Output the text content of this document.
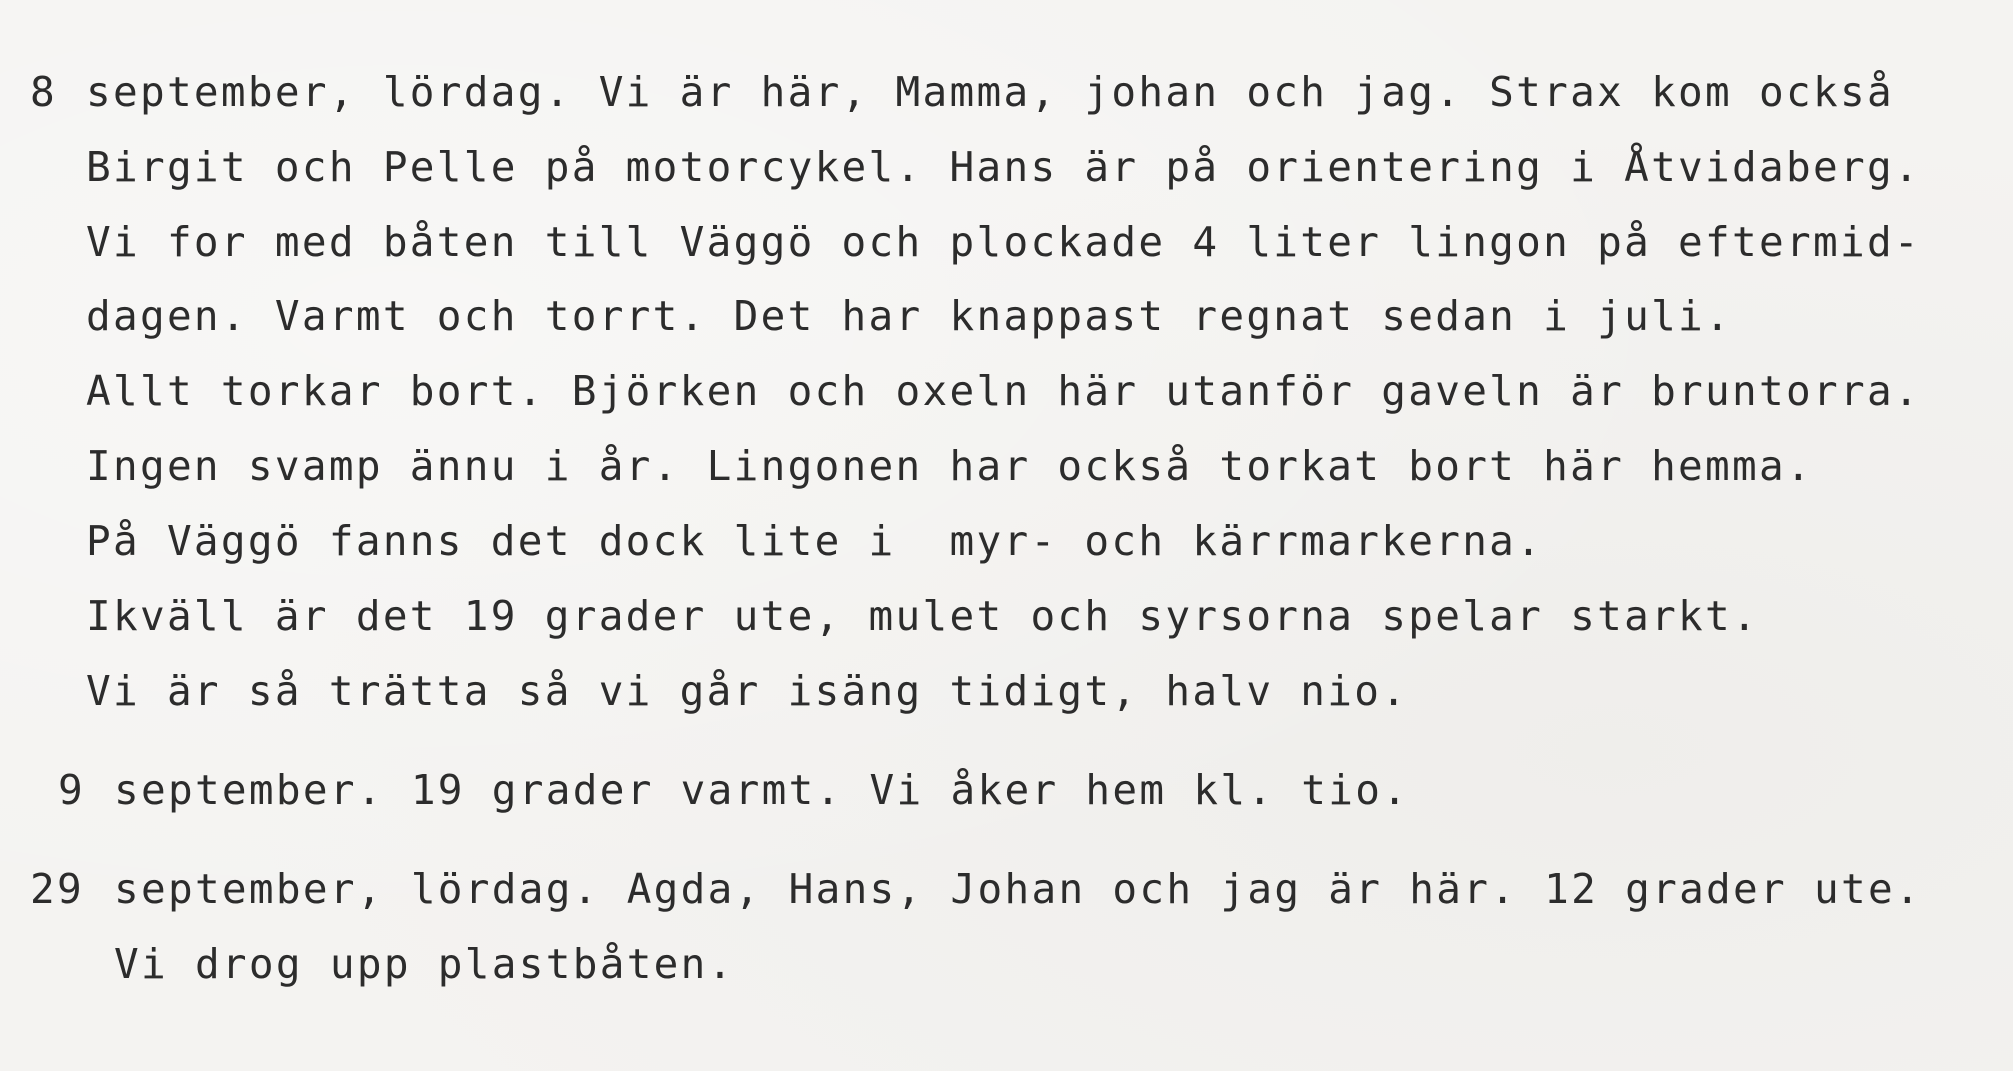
8 september, lördag. Vi är här, Mamma, johan och jag. Strax kom också
Birgit och Pelle på motorcykel. Hans är på orientering i Åtvidaberg.
Vi for med båten till Väggö och plockade 4 liter lingon på eftermid-
dagen. Varmt och torrt. Det har knappast regnat sedan i juli.
Allt torkar bort. Björken och oxeln här utanför gaveln är bruntorra.
Ingen svamp ännu i år. Lingonen har också torkat bort här hemma.
På Väggö fanns det dock lite i  myr- och kärrmarkerna.
Ikväll är det 19 grader ute, mulet och syrsorna spelar starkt.
Vi är så trätta så vi går isäng tidigt, halv nio.
9 september. 19 grader varmt. Vi åker hem kl. tio.
29 september, lördag. Agda, Hans, Johan och jag är här. 12 grader ute.
Vi drog upp plastbåten.
